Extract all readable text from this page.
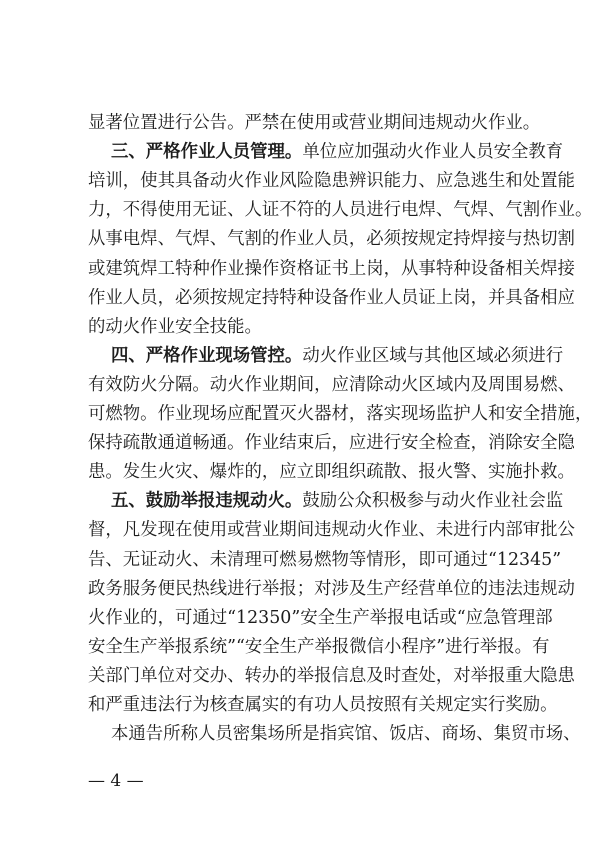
显著位置进行公告。严禁在使用或营业期间违规动火作业。
三、严格作业人员管理。单位应加强动火作业人员安全教育
培训，使其具备动火作业风险隐患辨识能力、应急逃生和处置能
力，不得使用无证、人证不符的人员进行电焊、气焊、气割作业。
从事电焊、气焊、气割的作业人员，必须按规定持焊接与热切割
或建筑焊工特种作业操作资格证书上岗，从事特种设备相关焊接
作业人员，必须按规定持特种设备作业人员证上岗，并具备相应
的动火作业安全技能。
四、严格作业现场管控。动火作业区域与其他区域必须进行
有效防火分隔。动火作业期间，应清除动火区域内及周围易燃、
可燃物。作业现场应配置灭火器材，落实现场监护人和安全措施，
保持疏散通道畅通。作业结束后，应进行安全检查，消除安全隐
患。发生火灾、爆炸的，应立即组织疏散、报火警、实施扑救。
五、鼓励举报违规动火。鼓励公众积极参与动火作业社会监
督，凡发现在使用或营业期间违规动火作业、未进行内部审批公
告、无证动火、未清理可燃易燃物等情形，即可通过“12345”
政务服务便民热线进行举报；对涉及生产经营单位的违法违规动
火作业的，可通过“12350”安全生产举报电话或“应急管理部
安全生产举报系统”“安全生产举报微信小程序”进行举报。有
关部门单位对交办、转办的举报信息及时查处，对举报重大隐患
和严重违法行为核查属实的有功人员按照有关规定实行奖励。
本通告所称人员密集场所是指宾馆、饭店、商场、集贸市场、
— 4 —
